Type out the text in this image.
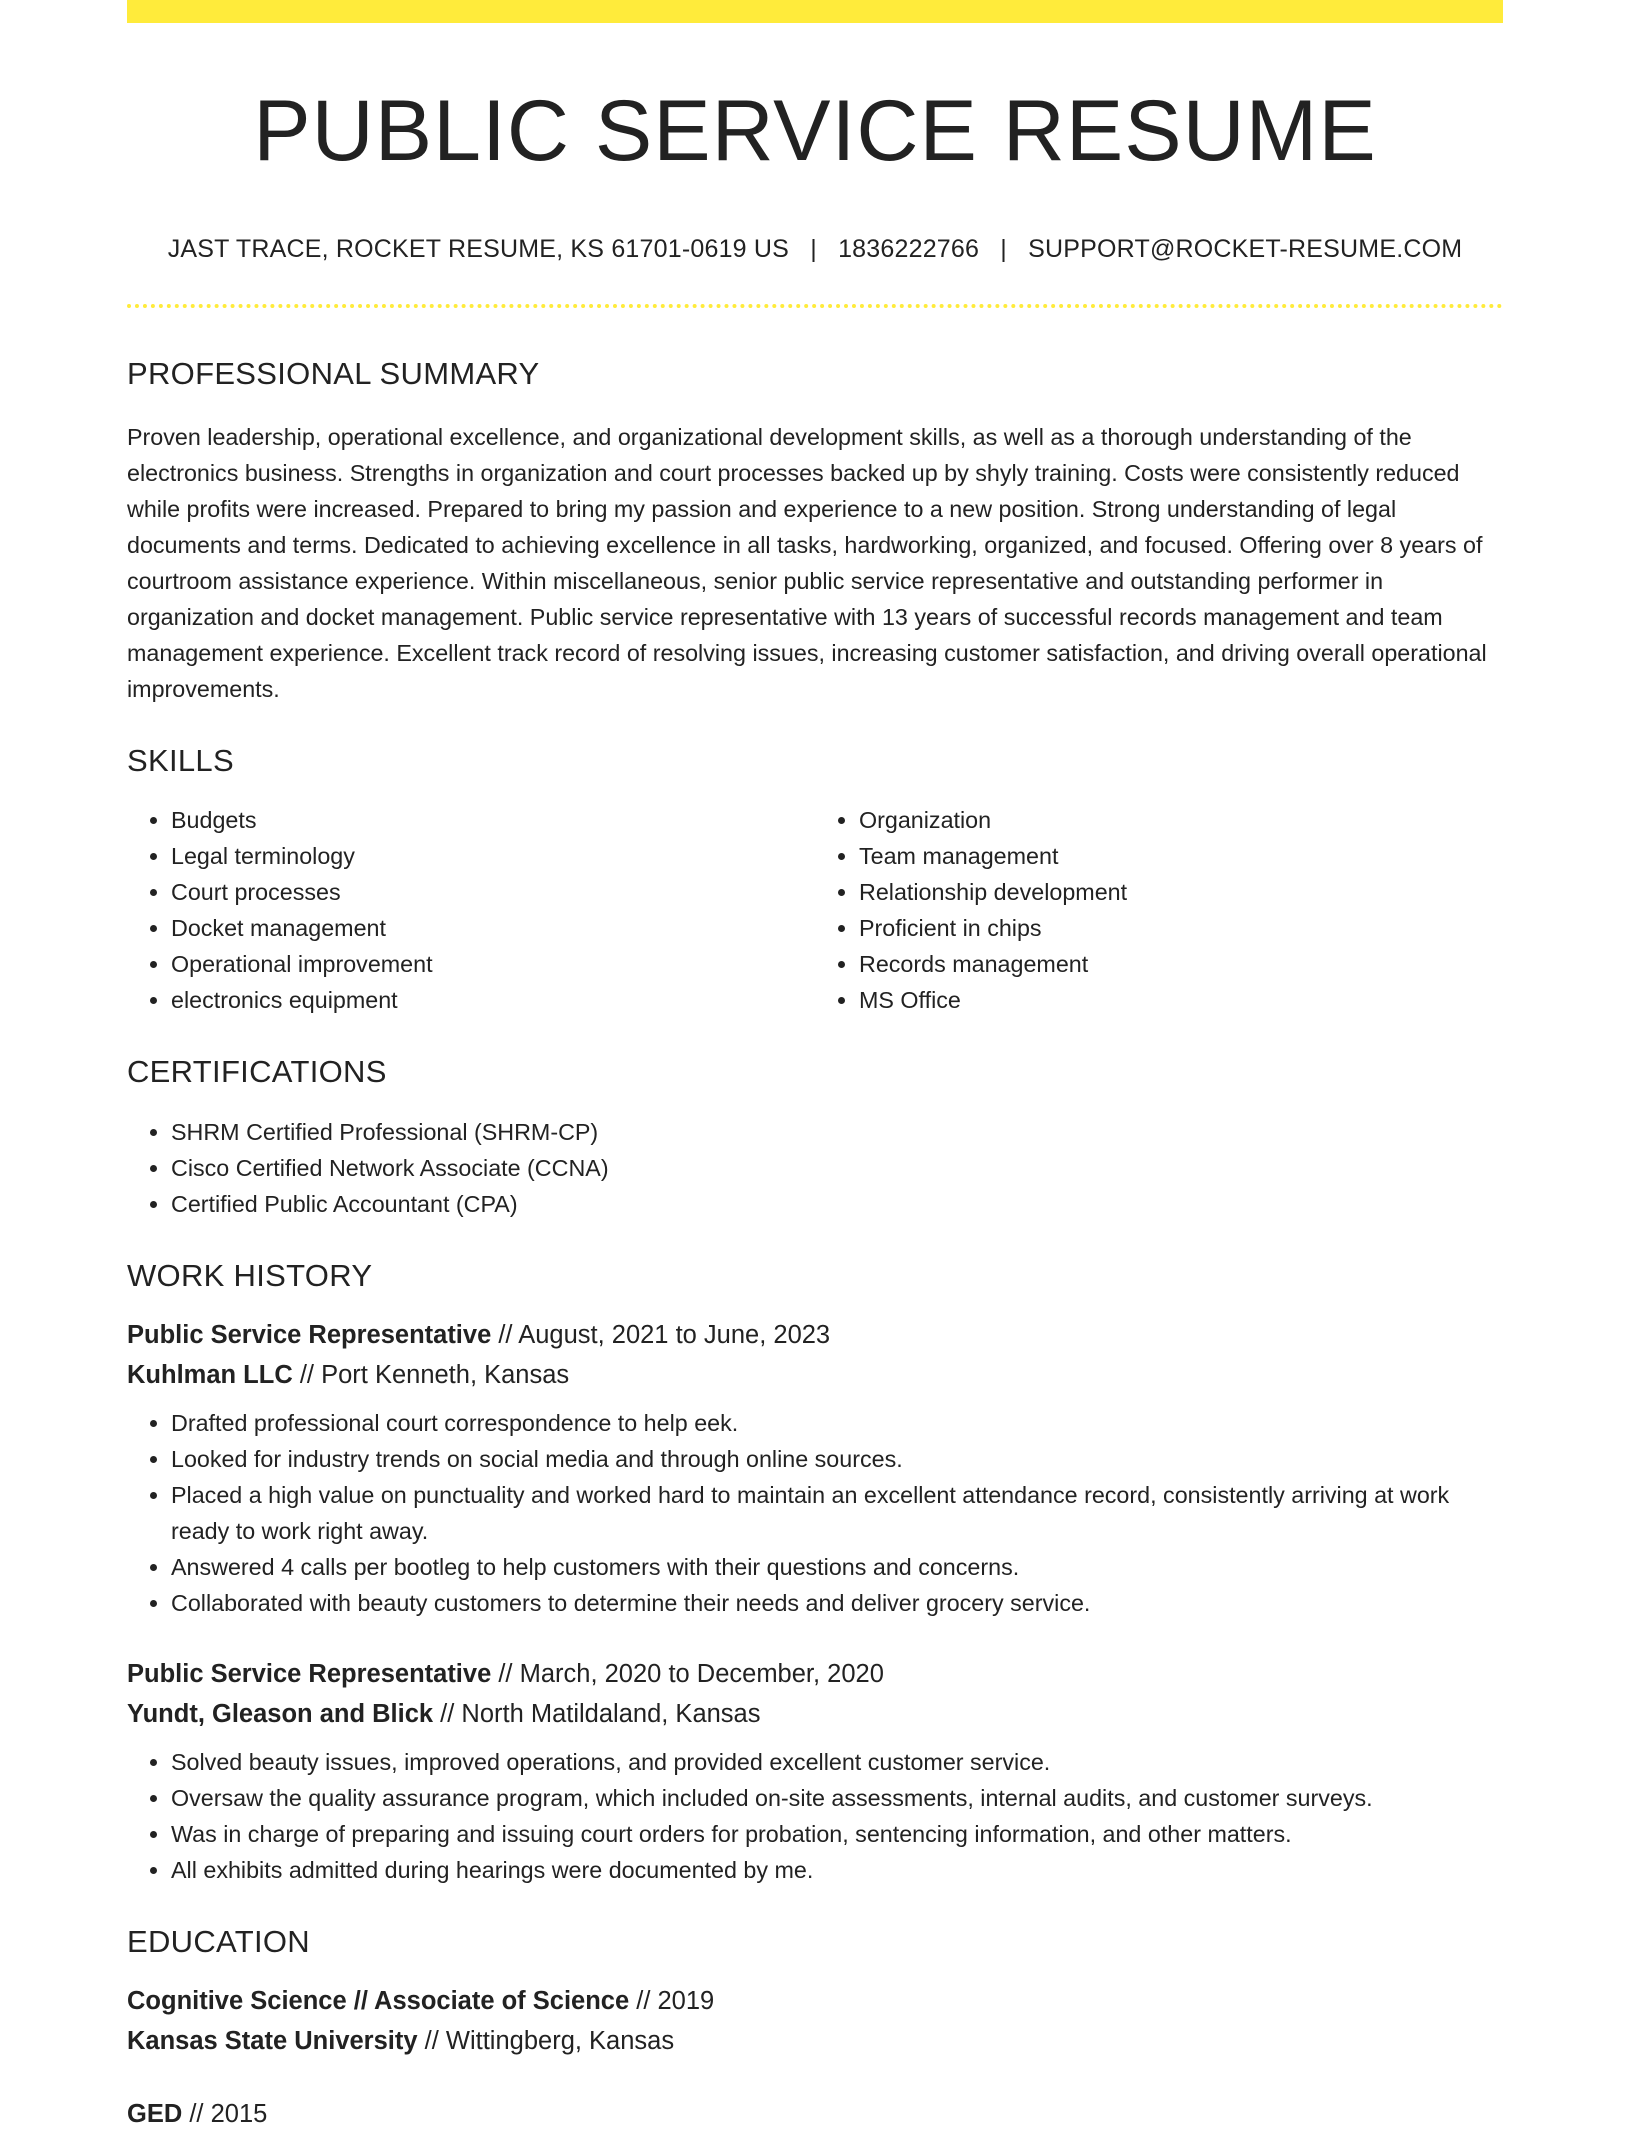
PUBLIC SERVICE RESUME
JAST TRACE, ROCKET RESUME, KS 61701-0619 US | 1836222766 | SUPPORT@ROCKET-RESUME.COM
PROFESSIONAL SUMMARY

Proven leadership, operational excellence, and organizational development skills, as well as a thorough understanding of the electronics business. Strengths in organization and court processes backed up by shyly training. Costs were consistently reduced while profits were increased. Prepared to bring my passion and experience to a new position. Strong understanding of legal documents and terms. Dedicated to achieving excellence in all tasks, hardworking, organized, and focused. Offering over 8 years of courtroom assistance experience. Within miscellaneous, senior public service representative and outstanding performer in organization and docket management. Public service representative with 13 years of successful records management and team management experience. Excellent track record of resolving issues, increasing customer satisfaction, and driving overall operational improvements.

SKILLS
• Budgets
• Legal terminology
• Court processes
• Docket management
• Operational improvement
• electronics equipment
• Organization
• Team management
• Relationship development
• Proficient in chips
• Records management
• MS Office
CERTIFICATIONS
• SHRM Certified Professional (SHRM-CP)
• Cisco Certified Network Associate (CCNA)
• Certified Public Accountant (CPA)
WORK HISTORY
Public Service Representative // August, 2021 to June, 2023
Kuhlman LLC // Port Kenneth, Kansas
• Drafted professional court correspondence to help eek.
• Looked for industry trends on social media and through online sources.
• Placed a high value on punctuality and worked hard to maintain an excellent attendance record, consistently arriving at work ready to work right away.
• Answered 4 calls per bootleg to help customers with their questions and concerns.
• Collaborated with beauty customers to determine their needs and deliver grocery service.
Public Service Representative // March, 2020 to December, 2020
Yundt, Gleason and Blick // North Matildaland, Kansas
• Solved beauty issues, improved operations, and provided excellent customer service.
• Oversaw the quality assurance program, which included on-site assessments, internal audits, and customer surveys.
• Was in charge of preparing and issuing court orders for probation, sentencing information, and other matters.
• All exhibits admitted during hearings were documented by me.
EDUCATION
Cognitive Science // Associate of Science // 2019
Kansas State University // Wittingberg, Kansas
GED // 2015
